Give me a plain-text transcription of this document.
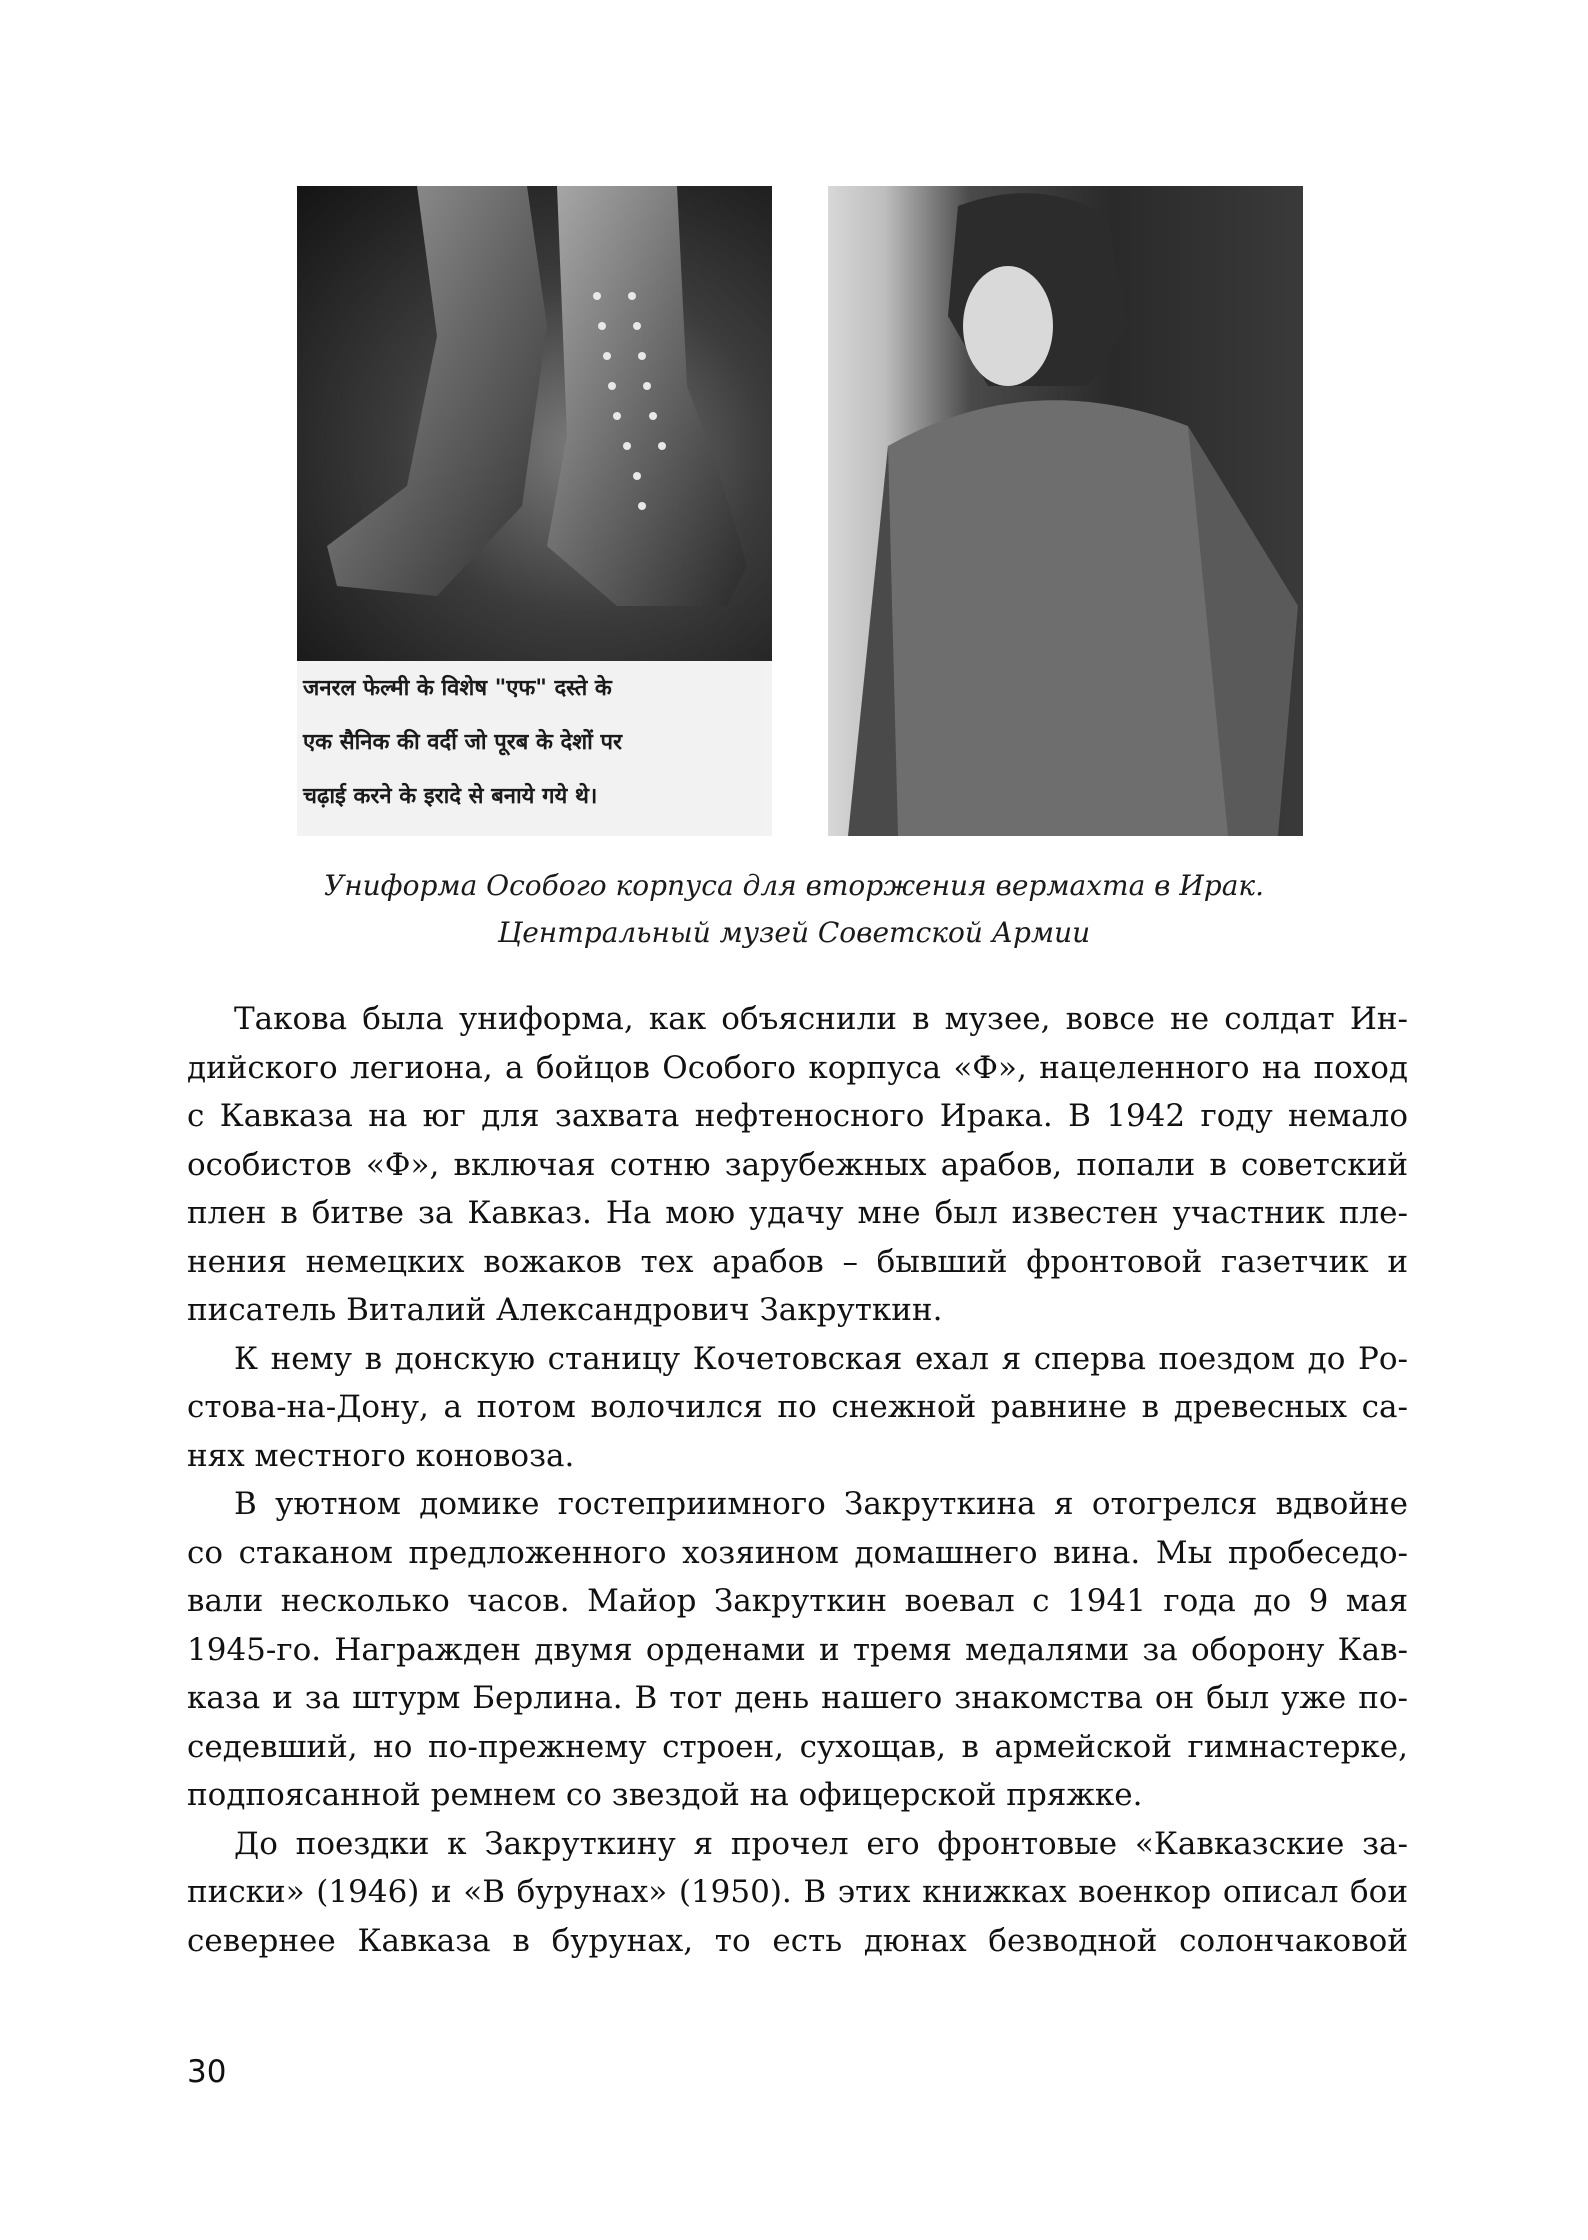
जनरल फेल्मी के विशेष "एफ" दस्ते के
एक सैनिक की वर्दी जो पूरब के देशों पर
चढ़ाई करने के इरादे से बनाये गये थे।
Униформа Особого корпуса для вторжения вермахта в Ирак.
Центральный музей Советской Армии
Такова была униформа, как объяснили в музее, вовсе не солдат Ин-
дийского легиона, а бойцов Особого корпуса «Ф», нацеленного на поход
с Кавказа на юг для захвата нефтеносного Ирака. В 1942 году немало
особистов «Ф», включая сотню зарубежных арабов, попали в советский
плен в битве за Кавказ. На мою удачу мне был известен участник пле-
нения немецких вожаков тех арабов – бывший фронтовой газетчик и
писатель Виталий Александрович Закруткин.
К нему в донскую станицу Кочетовская ехал я сперва поездом до Ро-
стова-на-Дону, а потом волочился по снежной равнине в древесных са-
нях местного коновоза.
В уютном домике гостеприимного Закруткина я отогрелся вдвойне
со стаканом предложенного хозяином домашнего вина. Мы пробеседо-
вали несколько часов. Майор Закруткин воевал с 1941 года до 9 мая
1945-го. Награжден двумя орденами и тремя медалями за оборону Кав-
каза и за штурм Берлина. В тот день нашего знакомства он был уже по-
седевший, но по-прежнему строен, сухощав, в армейской гимнастерке,
подпоясанной ремнем со звездой на офицерской пряжке.
До поездки к Закруткину я прочел его фронтовые «Кавказские за-
писки» (1946) и «В бурунах» (1950). В этих книжках военкор описал бои
севернее Кавказа в бурунах, то есть дюнах безводной солончаковой
30
